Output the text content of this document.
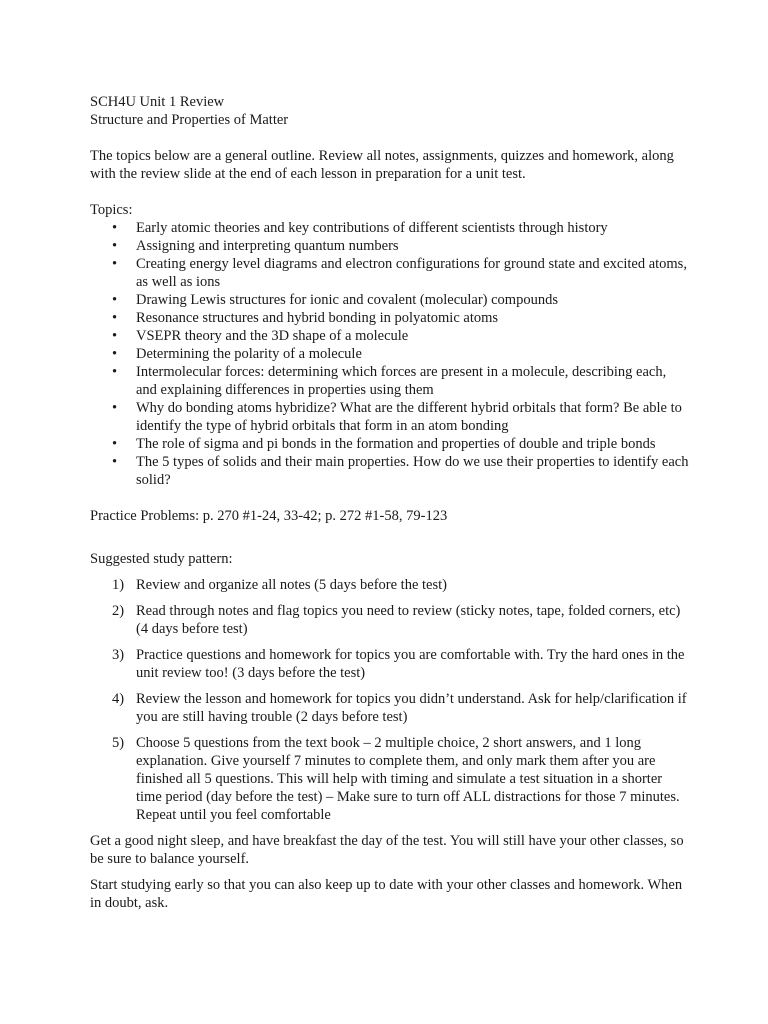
SCH4U Unit 1 Review

Structure and Properties of Matter

The topics below are a general outline. Review all notes, assignments, quizzes and homework, along with the review slide at the end of each lesson in preparation for a unit test.

Topics:

• Early atomic theories and key contributions of different scientists through history
• Assigning and interpreting quantum numbers
• Creating energy level diagrams and electron configurations for ground state and excited atoms, as well as ions
• Drawing Lewis structures for ionic and covalent (molecular) compounds
• Resonance structures and hybrid bonding in polyatomic atoms
• VSEPR theory and the 3D shape of a molecule
• Determining the polarity of a molecule
• Intermolecular forces: determining which forces are present in a molecule, describing each, and explaining differences in properties using them
• Why do bonding atoms hybridize? What are the different hybrid orbitals that form? Be able to identify the type of hybrid orbitals that form in an atom bonding
• The role of sigma and pi bonds in the formation and properties of double and triple bonds
• The 5 types of solids and their main properties. How do we use their properties to identify each solid?

Practice Problems: p. 270 #1-24, 33-42; p. 272 #1-58, 79-123

Suggested study pattern:

1) Review and organize all notes (5 days before the test)
2) Read through notes and flag topics you need to review (sticky notes, tape, folded corners, etc) (4 days before test)
3) Practice questions and homework for topics you are comfortable with. Try the hard ones in the unit review too! (3 days before the test)
4) Review the lesson and homework for topics you didn’t understand. Ask for help/clarification if you are still having trouble (2 days before test)
5) Choose 5 questions from the text book – 2 multiple choice, 2 short answers, and 1 long explanation. Give yourself 7 minutes to complete them, and only mark them after you are finished all 5 questions. This will help with timing and simulate a test situation in a shorter time period (day before the test) – Make sure to turn off ALL distractions for those 7 minutes. Repeat until you feel comfortable

Get a good night sleep, and have breakfast the day of the test. You will still have your other classes, so be sure to balance yourself.

Start studying early so that you can also keep up to date with your other classes and homework. When in doubt, ask.
